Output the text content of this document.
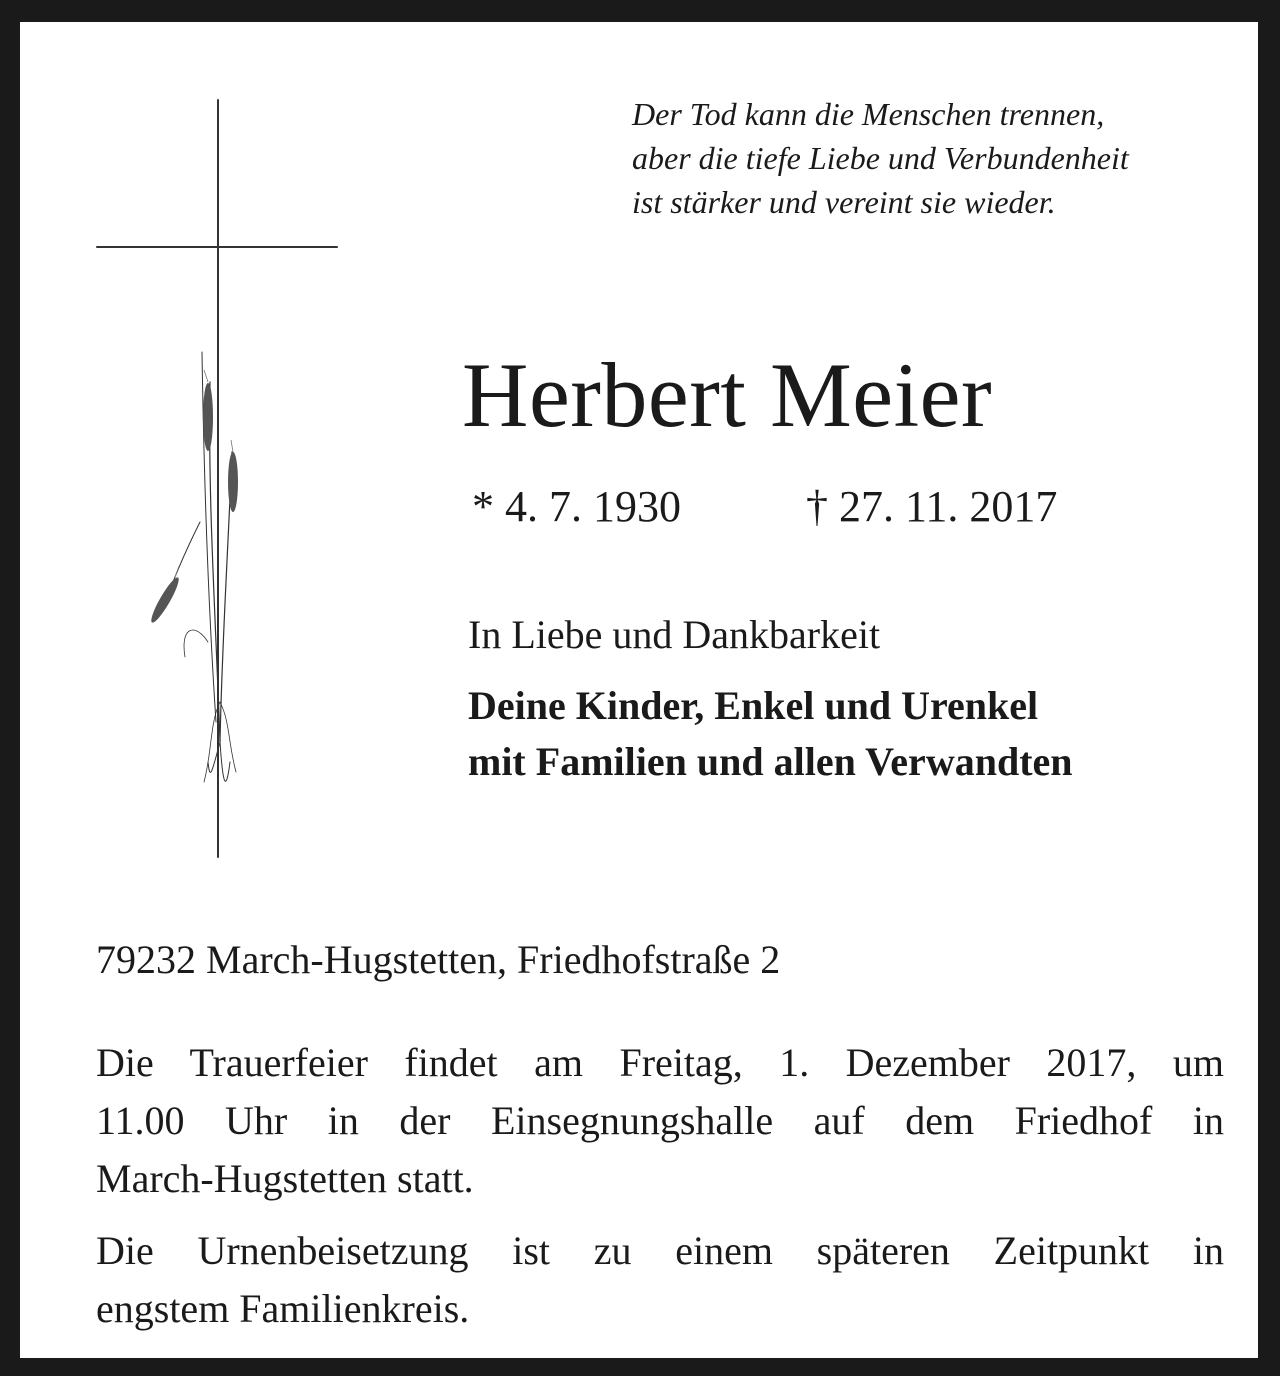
Der Tod kann die Menschen trennen,
aber die tiefe Liebe und Verbundenheit
ist stärker und vereint sie wieder.

Herbert Meier
* 4. 7. 1930	† 27. 11. 2017
In Liebe und Dankbarkeit

Deine Kinder, Enkel und Urenkel
mit Familien und allen Verwandten

79232 March-Hugstetten, Friedhofstraße 2

Die Trauerfeier findet am Freitag, 1. Dezember 2017, um
11.00 Uhr in der Einsegnungshalle auf dem Friedhof in
March-Hugstetten statt.

Die Urnenbeisetzung ist zu einem späteren Zeitpunkt in
engstem Familienkreis.
